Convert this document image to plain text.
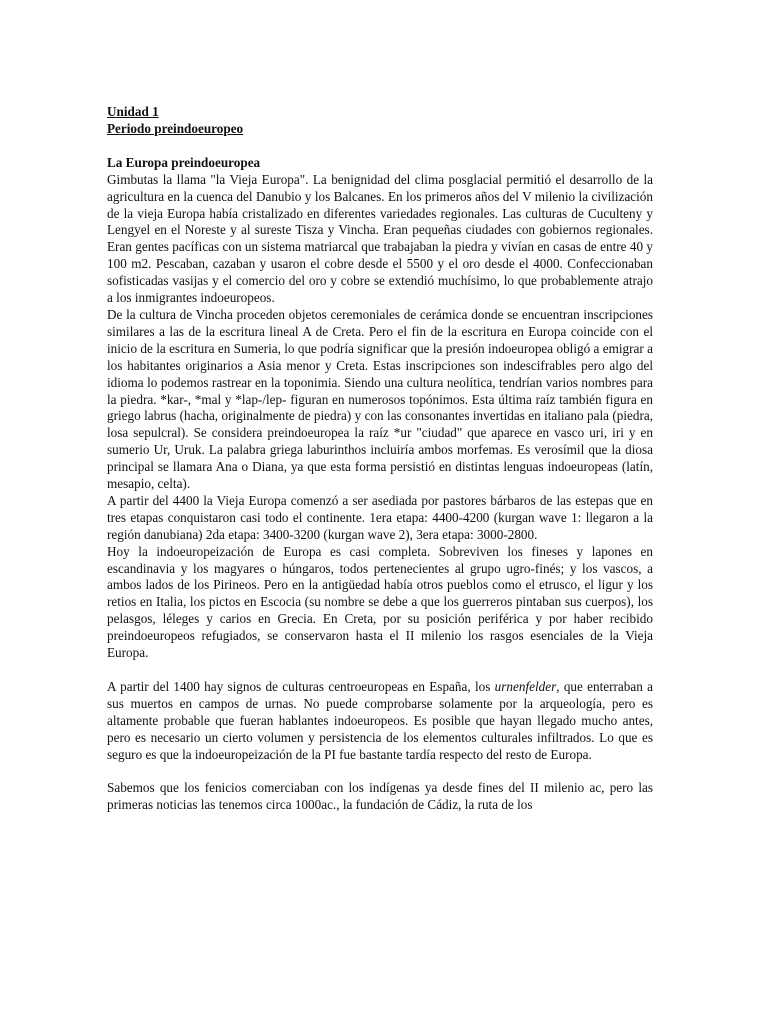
Unidad 1
Periodo preindoeuropeo
La Europa preindoeuropea

Gimbutas la llama "la Vieja Europa". La benignidad del clima posglacial permitió el desarrollo de la agricultura en la cuenca del Danubio y los Balcanes. En los primeros años del V milenio la civilización de la vieja Europa había cristalizado en diferentes variedades regionales. Las culturas de Cuculteny y Lengyel en el Noreste y al sureste Tisza y Vincha. Eran pequeñas ciudades con gobiernos regionales. Eran gentes pacíficas con un sistema matriarcal que trabajaban la piedra y vivían en casas de entre 40 y 100 m2. Pescaban, cazaban y usaron el cobre desde el 5500 y el oro desde el 4000. Confeccionaban sofisticadas vasijas y el comercio del oro y cobre se extendió muchísimo, lo que probablemente atrajo a los inmigrantes indoeuropeos.

De la cultura de Vincha proceden objetos ceremoniales de cerámica donde se encuentran inscripciones similares a las de la escritura lineal A de Creta. Pero el fin de la escritura en Europa coincide con el inicio de la escritura en Sumeria, lo que podría significar que la presión indoeuropea obligó a emigrar a los habitantes originarios a Asia menor y Creta. Estas inscripciones son indescifrables pero algo del idioma lo podemos rastrear en la toponimia. Siendo una cultura neolítica, tendrían varios nombres para la piedra. *kar-, *mal y *lap-/lep- figuran en numerosos topónimos. Esta última raíz también figura en griego labrus (hacha, originalmente de piedra) y con las consonantes invertidas en italiano pala (piedra, losa sepulcral). Se considera preindoeuropea la raíz *ur "ciudad" que aparece en vasco uri, iri y en sumerio Ur, Uruk. La palabra griega laburinthos incluiría ambos morfemas. Es verosímil que la diosa principal se llamara Ana o Diana, ya que esta forma persistió en distintas lenguas indoeuropeas (latín, mesapio, celta).

A partir del 4400 la Vieja Europa comenzó a ser asediada por pastores bárbaros de las estepas que en tres etapas conquistaron casi todo el continente. 1era etapa: 4400-4200 (kurgan wave 1: llegaron a la región danubiana) 2da etapa: 3400-3200 (kurgan wave 2), 3era etapa: 3000-2800.

Hoy la indoeuropeización de Europa es casi completa. Sobreviven los fineses y lapones en escandinavia y los magyares o húngaros, todos pertenecientes al grupo ugro-finés; y los vascos, a ambos lados de los Pirineos. Pero en la antigüedad había otros pueblos como el etrusco, el ligur y los retios en Italia, los pictos en Escocia (su nombre se debe a que los guerreros pintaban sus cuerpos), los pelasgos, léleges y carios en Grecia. En Creta, por su posición periférica y por haber recibido preindoeuropeos refugiados, se conservaron hasta el II milenio los rasgos esenciales de la Vieja Europa.

A partir del 1400 hay signos de culturas centroeuropeas en España, los urnenfelder, que enterraban a sus muertos en campos de urnas. No puede comprobarse solamente por la arqueología, pero es altamente probable que fueran hablantes indoeuropeos. Es posible que hayan llegado mucho antes, pero es necesario un cierto volumen y persistencia de los elementos culturales infiltrados. Lo que es seguro es que la indoeuropeización de la PI fue bastante tardía respecto del resto de Europa.

Sabemos que los fenicios comerciaban con los indígenas ya desde fines del II milenio ac, pero las primeras noticias las tenemos circa 1000ac., la fundación de Cádiz, la ruta de los
